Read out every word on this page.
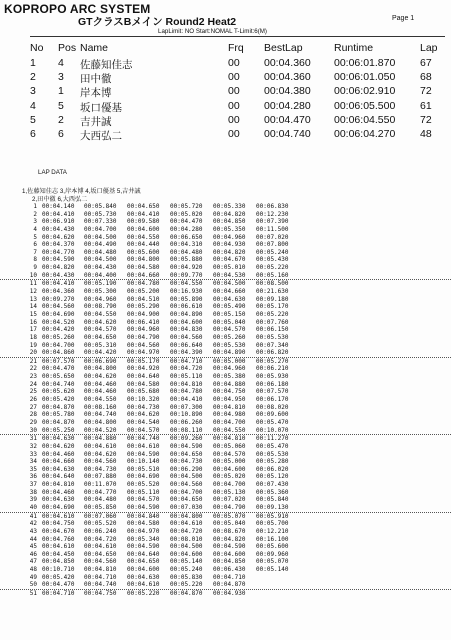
KOPROPO ARC SYSTEM
GTクラスBメイン Round2 Heat2	Page 1
LapLimit: NO Start:NOMAL T-Limit:6(M)
No Pos Name	Frq BestLap	Runtime	Lap
1 4 佐藤知佳志	00 00:04.360 00:06:01.870 67
2 3 田中徹	00 00:04.360 00:06:01.050 68
3 1 岸本博	00 00:04.380 00:06:02.910 72
4 5 坂口優基	00 00:04.280 00:06:05.500 61
5 2 吉井誠	00 00:04.470 00:06:04.550 72
6 6 大西弘二	00 00:04.740 00:06:04.270 48
LAP DATA
1,佐藤知佳志 3,岸本博 4,坂口優基 5,吉井誠
2,田中徹 6,大西弘二
1 00:04.140 00:05.840 00:04.650 00:05.720 00:05.330 00:06.830
2 00:04.410 00:05.730 00:04.410 00:05.020 00:04.820 00:12.230
3 00:06.910 00:07.330 00:09.580 00:04.470 00:04.850 00:07.390
4 00:04.430 00:04.700 00:04.600 00:04.280 00:05.350 00:11.500
5 00:04.620 00:04.500 00:04.550 00:06.650 00:04.960 00:07.020
6 00:04.370 00:04.490 00:04.440 00:04.310 00:04.930 00:07.800
7 00:04.770 00:04.480 00:05.600 00:04.480 00:04.820 00:05.240
8 00:04.590 00:04.500 00:04.800 00:05.880 00:04.670 00:05.430
9 00:04.820 00:04.430 00:04.580 00:04.920 00:05.010 00:05.220
10 00:04.430 00:04.400 00:04.660 00:09.770 00:04.530 00:05.160
11 00:04.410 00:05.190 00:04.780 00:04.550 00:04.500 00:08.500
12 00:04.360 00:05.300 00:05.200 00:16.930 00:04.660 00:21.630
13 00:09.270 00:04.960 00:04.510 00:05.890 00:04.630 00:09.180
14 00:04.560 00:08.790 00:05.290 00:06.610 00:05.490 00:05.170
15 00:04.690 00:04.550 00:04.900 00:04.890 00:05.150 00:05.220
16 00:04.520 00:04.620 00:06.410 00:04.600 00:05.040 00:07.760
17 00:04.420 00:04.570 00:04.960 00:04.830 00:04.570 00:06.150
18 00:05.260 00:04.650 00:04.790 00:04.560 00:05.260 00:05.530
19 00:04.700 00:05.310 00:04.560 00:06.640 00:05.530 00:07.340
20 00:04.860 00:04.420 00:04.970 00:04.390 00:04.890 00:06.820
21 00:07.570 00:06.690 00:05.170 00:04.710 00:05.000 00:05.270
22 00:04.470 00:04.800 00:04.920 00:04.720 00:04.960 00:06.210
23 00:05.650 00:04.620 00:04.640 00:05.110 00:05.380 00:05.930
24 00:04.740 00:04.460 00:04.580 00:04.810 00:04.880 00:06.180
25 00:05.620 00:04.460 00:05.680 00:04.780 00:04.750 00:07.570
26 00:05.420 00:04.550 00:10.320 00:04.410 00:04.950 00:06.170
27 00:04.870 00:08.160 00:04.730 00:07.300 00:04.810 00:08.020
28 00:05.780 00:04.740 00:04.620 00:10.890 00:04.980 00:09.600
29 00:04.870 00:04.800 00:04.540 00:06.260 00:04.700 00:05.470
30 00:05.250 00:04.520 00:04.570 00:08.110 00:04.550 00:10.070
31 00:04.630 00:04.880 00:04.740 00:09.260 00:04.810 00:11.270
32 00:04.620 00:04.610 00:04.610 00:04.590 00:05.060 00:05.470
33 00:04.460 00:04.620 00:04.590 00:04.650 00:04.570 00:05.530
34 00:04.660 00:04.560 00:10.140 00:04.730 00:05.000 00:05.280
35 00:04.630 00:04.730 00:05.510 00:06.290 00:04.600 00:06.020
36 00:04.640 00:07.880 00:04.690 00:04.500 00:05.020 00:05.120
37 00:04.810 00:11.070 00:05.520 00:04.560 00:04.700 00:07.430
38 00:04.460 00:04.770 00:05.110 00:04.700 00:05.130 00:05.360
39 00:04.630 00:04.480 00:04.570 00:04.650 00:07.020 00:05.840
40 00:04.690 00:05.850 00:04.590 00:07.030 00:04.790 00:09.130
41 00:04.610 00:07.060 00:04.840 00:04.800 00:05.070 00:05.910
42 00:04.750 00:05.520 00:04.580 00:04.610 00:05.040 00:05.700
43 00:04.670 00:06.240 00:04.970 00:04.720 00:08.670 00:12.210
44 00:04.760 00:04.720 00:05.340 00:08.010 00:04.820 00:16.100
45 00:04.610 00:04.610 00:04.590 00:04.500 00:04.590 00:05.600
46 00:04.450 00:04.650 00:04.640 00:04.600 00:04.600 00:09.960
47 00:04.850 00:04.560 00:04.650 00:05.140 00:04.850 00:05.070
48 00:10.710 00:04.810 00:04.600 00:05.240 00:06.430 00:05.140
49 00:05.420 00:04.710 00:04.630 00:05.830 00:04.710
50 00:04.470 00:04.740 00:04.610 00:05.220 00:04.870
51 00:04.710 00:04.750 00:05.220 00:04.870 00:04.930
